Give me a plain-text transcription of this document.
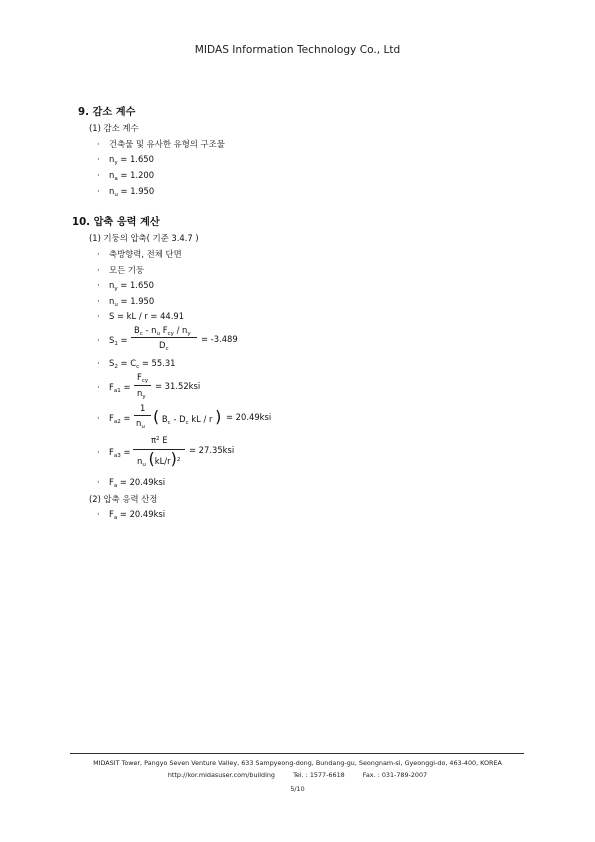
MIDAS Information Technology Co., Ltd
9. 감소 계수
(1) 감소 계수
· 건축물 및 유사한 유형의 구조물
· $n_y = 1.650$
· $n_a = 1.200$
· $n_u = 1.950$
10. 압축 응력 계산
(1) 기둥의 압축( 기준 3.4.7 )
· 축방향력, 전체 단면
· 모든 기둥
· $n_y = 1.650$
· $n_u = 1.950$
· S = kL / r = 44.91
· $S_1$ =
$B_c - n_u$ $F_{cy} / n_y$
$D_c$
= -3.489
· $S_2 = C_c = 55.31$
· $F_{a1}$ =
$F_{cy}$
$n_y$
= 31.52ksi
· $F_{a2}$ =
1
$n_u$
( $B_c - D_c$ kL / r ) = 20.49ksi
· $F_{a3}$ =
$\pi^2$ E
$n_u$ $(kL/r)^2$
= 27.35ksi
· $F_a = 20.49ksi$
(2) 압축 응력 산정
· $F_a = 20.49ksi$
MIDASIT Tower, Pangyo Seven Venture Valley, 633 Sampyeong-dong, Bundang-gu, Seongnam-si, Gyeonggi-do, 463-400, KOREA
http://kor.midasuser.com/building	Tel. : 1577-6618	Fax. : 031-789-2007
5/10
